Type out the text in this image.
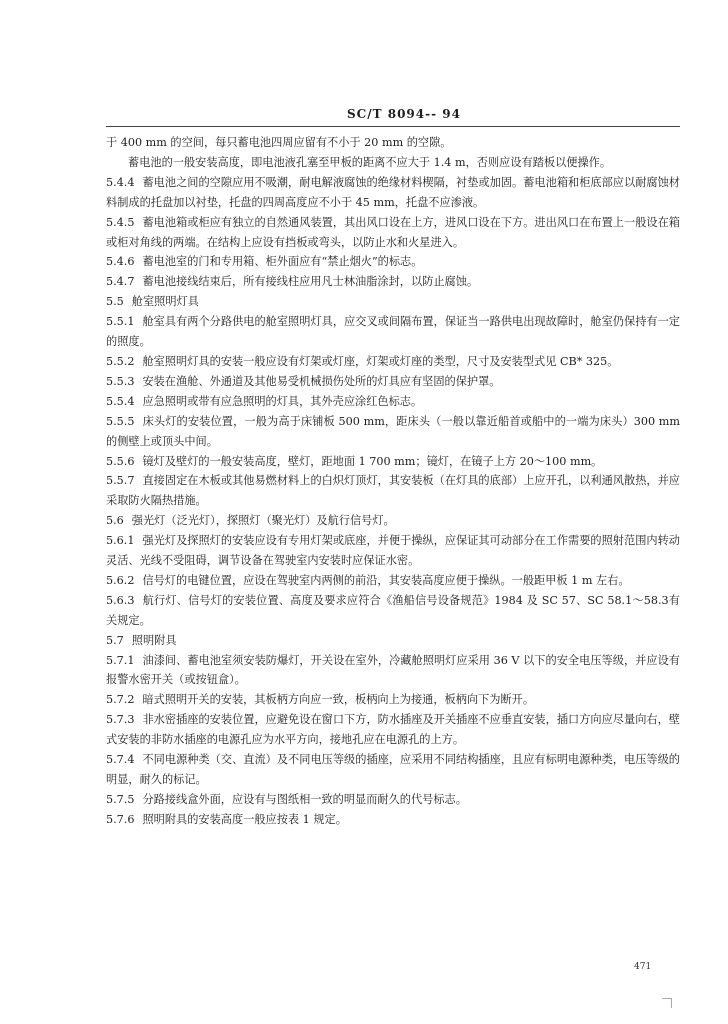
SC/T 8094-- 94

于 400 mm 的空间，每只蓄电池四周应留有不小于 20 mm 的空隙。

蓄电池的一般安装高度，即电池液孔塞至甲板的距离不应大于 1.4 m，否则应设有踏板以便操作。

5.4.4 蓄电池之间的空隙应用不吸潮，耐电解液腐蚀的绝缘材料楔隔，衬垫或加固。蓄电池箱和柜底部应以耐腐蚀材料制成的托盘加以衬垫，托盘的四周高度应不小于 45 mm，托盘不应渗液。

5.4.5 蓄电池箱或柜应有独立的自然通风装置，其出风口设在上方，进风口设在下方。进出风口在布置上一般设在箱或柜对角线的两端。在结构上应设有挡板或弯头，以防止水和火星进入。

5.4.6 蓄电池室的门和专用箱、柜外面应有“禁止烟火”的标志。

5.4.7 蓄电池接线结束后，所有接线柱应用凡士林油脂涂封，以防止腐蚀。

5.5 舱室照明灯具

5.5.1 舱室具有两个分路供电的舱室照明灯具，应交叉或间隔布置，保证当一路供电出现故障时，舱室仍保持有一定的照度。

5.5.2 舱室照明灯具的安装一般应设有灯架或灯座，灯架或灯座的类型，尺寸及安装型式见 CB* 325。

5.5.3 安装在渔舱、外通道及其他易受机械损伤处所的灯具应有坚固的保护罩。

5.5.4 应急照明或带有应急照明的灯具，其外壳应涂红色标志。

5.5.5 床头灯的安装位置，一般为高于床铺板 500 mm，距床头（一般以靠近船首或船中的一端为床头）300 mm 的侧壁上或顶头中间。

5.5.6 镜灯及壁灯的一般安装高度，壁灯，距地面 1 700 mm；镜灯，在镜子上方 20～100 mm。

5.5.7 直接固定在木板或其他易燃材料上的白炽灯顶灯，其安装板（在灯具的底部）上应开孔，以利通风散热，并应采取防火隔热措施。

5.6 强光灯（泛光灯），探照灯（聚光灯）及航行信号灯。

5.6.1 强光灯及探照灯的安装应设有专用灯架或底座，并便于操纵，应保证其可动部分在工作需要的照射范围内转动灵活、光线不受阻碍，调节设备在驾驶室内安装时应保证水密。

5.6.2 信号灯的电键位置，应设在驾驶室内两侧的前沿，其安装高度应便于操纵。一般距甲板 1 m 左右。

5.6.3 航行灯、信号灯的安装位置、高度及要求应符合《渔船信号设备规范》1984 及 SC 57、SC 58.1～58.3有关规定。

5.7 照明附具

5.7.1 油漆间、蓄电池室须安装防爆灯，开关设在室外，冷藏舱照明灯应采用 36 V 以下的安全电压等级，并应设有报警水密开关（或按钮盒）。

5.7.2 暗式照明开关的安装，其板柄方向应一致，板柄向上为接通，板柄向下为断开。

5.7.3 非水密插座的安装位置，应避免设在窗口下方，防水插座及开关插座不应垂直安装，插口方向应尽量向右，壁式安装的非防水插座的电源孔应为水平方向，接地孔应在电源孔的上方。

5.7.4 不同电源种类（交、直流）及不同电压等级的插座，应采用不同结构插座，且应有标明电源种类，电压等级的明显，耐久的标记。

5.7.5 分路接线盒外面，应设有与图纸相一致的明显而耐久的代号标志。

5.7.6 照明附具的安装高度一般应按表 1 规定。

471
